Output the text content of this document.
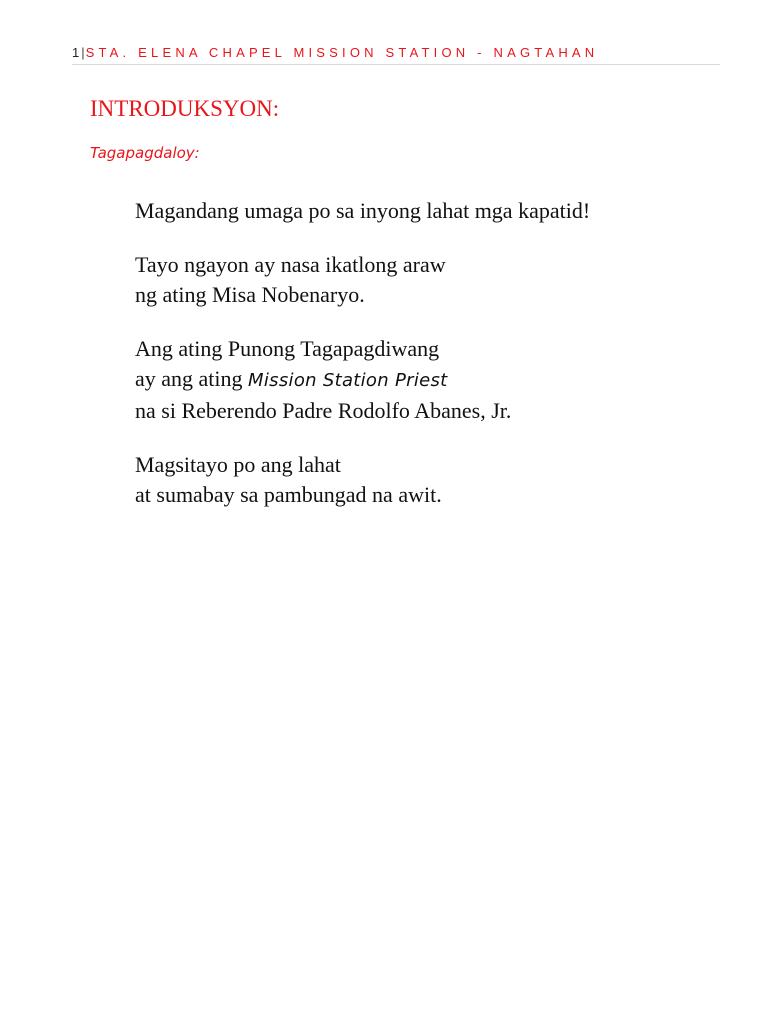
1 | STA. ELENA CHAPEL MISSION STATION - NAGTAHAN
INTRODUKSYON:

Tagapagdaloy:

Magandang umaga po sa inyong lahat mga kapatid!

Tayo ngayon ay nasa ikatlong araw
ng ating Misa Nobenaryo.

Ang ating Punong Tagapagdiwang
ay ang ating Mission Station Priest
na si Reberendo Padre Rodolfo Abanes, Jr.

Magsitayo po ang lahat
at sumabay sa pambungad na awit.
